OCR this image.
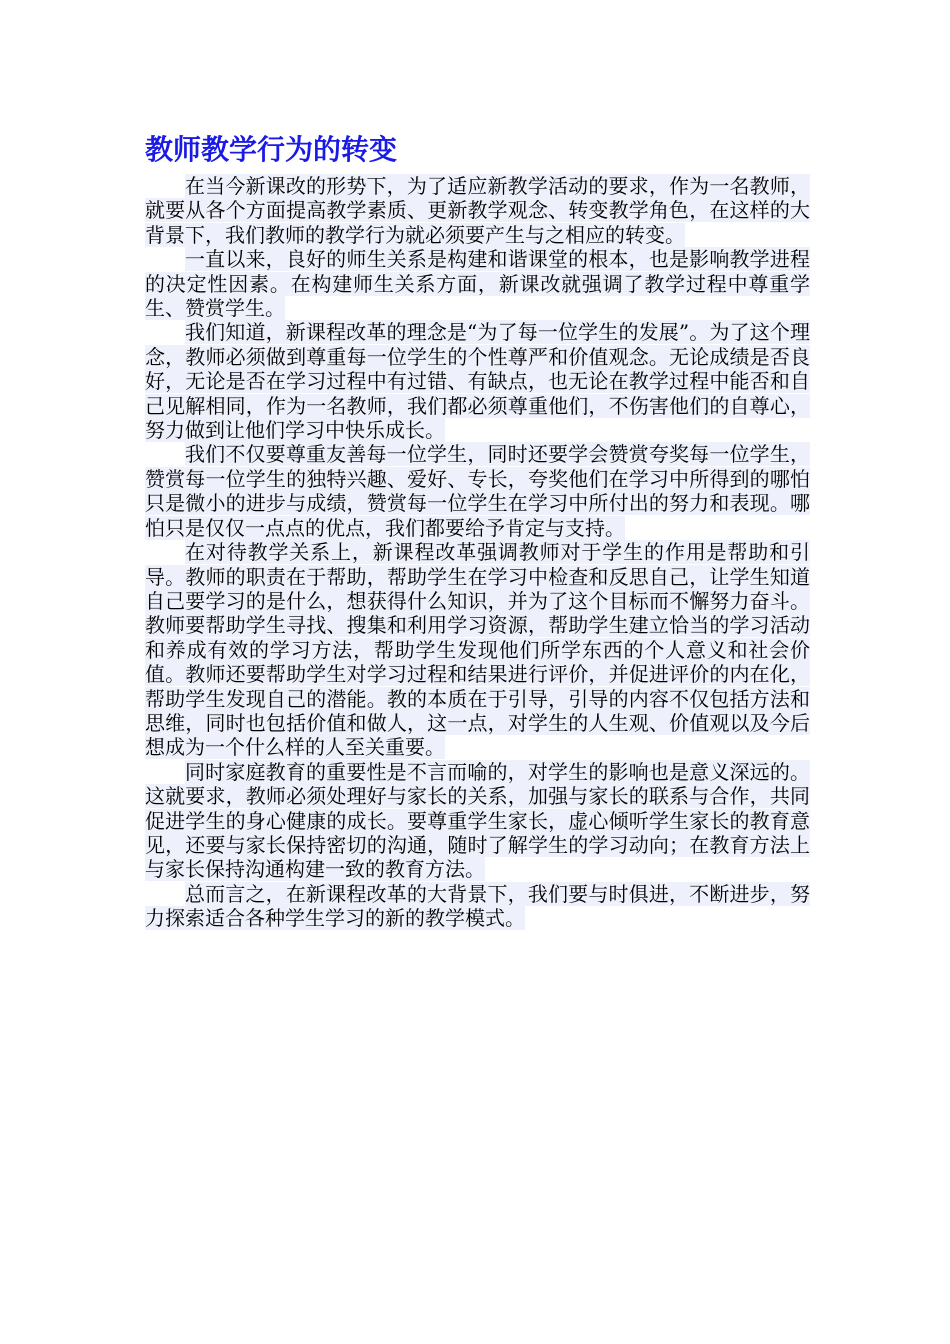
教师教学行为的转变

在当今新课改的形势下，为了适应新教学活动的要求，作为一名教师，就要从各个方面提高教学素质、更新教学观念、转变教学角色，在这样的大背景下，我们教师的教学行为就必须要产生与之相应的转变。

一直以来，良好的师生关系是构建和谐课堂的根本，也是影响教学进程的决定性因素。在构建师生关系方面，新课改就强调了教学过程中尊重学生、赞赏学生。

我们知道，新课程改革的理念是“为了每一位学生的发展”。为了这个理念，教师必须做到尊重每一位学生的个性尊严和价值观念。无论成绩是否良好，无论是否在学习过程中有过错、有缺点，也无论在教学过程中能否和自己见解相同，作为一名教师，我们都必须尊重他们，不伤害他们的自尊心，努力做到让他们学习中快乐成长。

我们不仅要尊重友善每一位学生，同时还要学会赞赏夸奖每一位学生，赞赏每一位学生的独特兴趣、爱好、专长，夸奖他们在学习中所得到的哪怕只是微小的进步与成绩，赞赏每一位学生在学习中所付出的努力和表现。哪怕只是仅仅一点点的优点，我们都要给予肯定与支持。

在对待教学关系上，新课程改革强调教师对于学生的作用是帮助和引导。教师的职责在于帮助，帮助学生在学习中检查和反思自己，让学生知道自己要学习的是什么，想获得什么知识，并为了这个目标而不懈努力奋斗。教师要帮助学生寻找、搜集和利用学习资源，帮助学生建立恰当的学习活动和养成有效的学习方法，帮助学生发现他们所学东西的个人意义和社会价值。教师还要帮助学生对学习过程和结果进行评价，并促进评价的内在化，帮助学生发现自己的潜能。教的本质在于引导，引导的内容不仅包括方法和思维，同时也包括价值和做人，这一点，对学生的人生观、价值观以及今后想成为一个什么样的人至关重要。

同时家庭教育的重要性是不言而喻的，对学生的影响也是意义深远的。这就要求，教师必须处理好与家长的关系，加强与家长的联系与合作，共同促进学生的身心健康的成长。要尊重学生家长，虚心倾听学生家长的教育意见，还要与家长保持密切的沟通，随时了解学生的学习动向；在教育方法上与家长保持沟通构建一致的教育方法。

总而言之，在新课程改革的大背景下，我们要与时俱进，不断进步，努力探索适合各种学生学习的新的教学模式。
